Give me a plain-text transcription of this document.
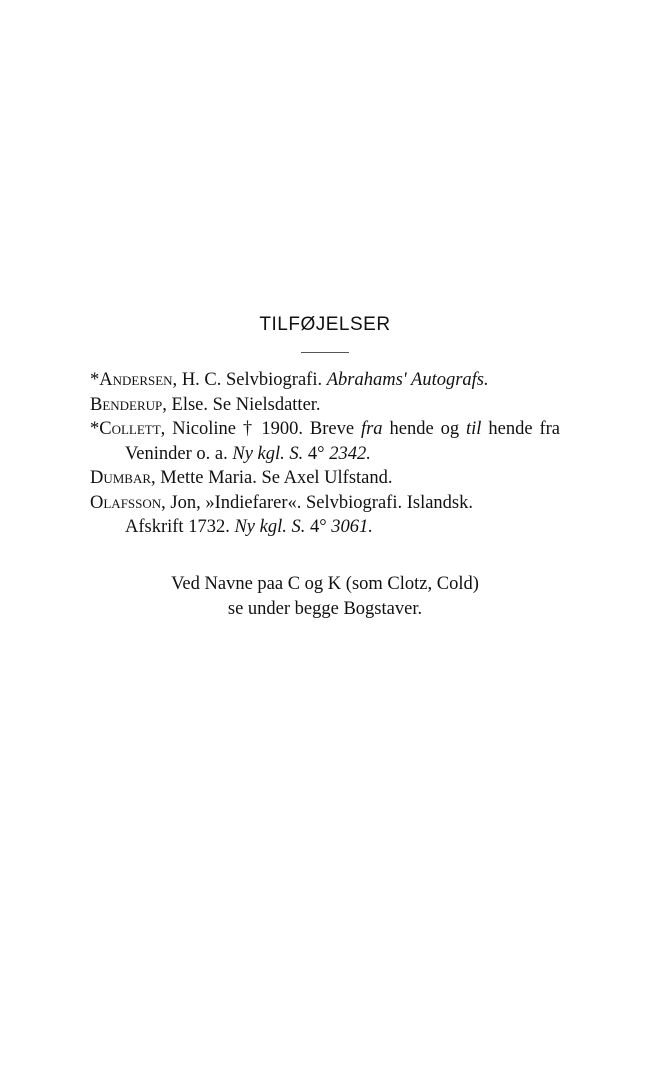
TILFØJELSER
*Andersen, H. C. Selvbiografi. Abrahams' Autografs.
Benderup, Else. Se Nielsdatter.
*Collett, Nicoline † 1900. Breve fra hende og til hende fra Veninder o. a. Ny kgl. S. 4° 2342.
Dumbar, Mette Maria. Se Axel Ulfstand.
Olafsson, Jon, »Indiefarer«. Selvbiografi. Islandsk.
Afskrift 1732. Ny kgl. S. 4° 3061.
Ved Navne paa C og K (som Clotz, Cold)
se under begge Bogstaver.
